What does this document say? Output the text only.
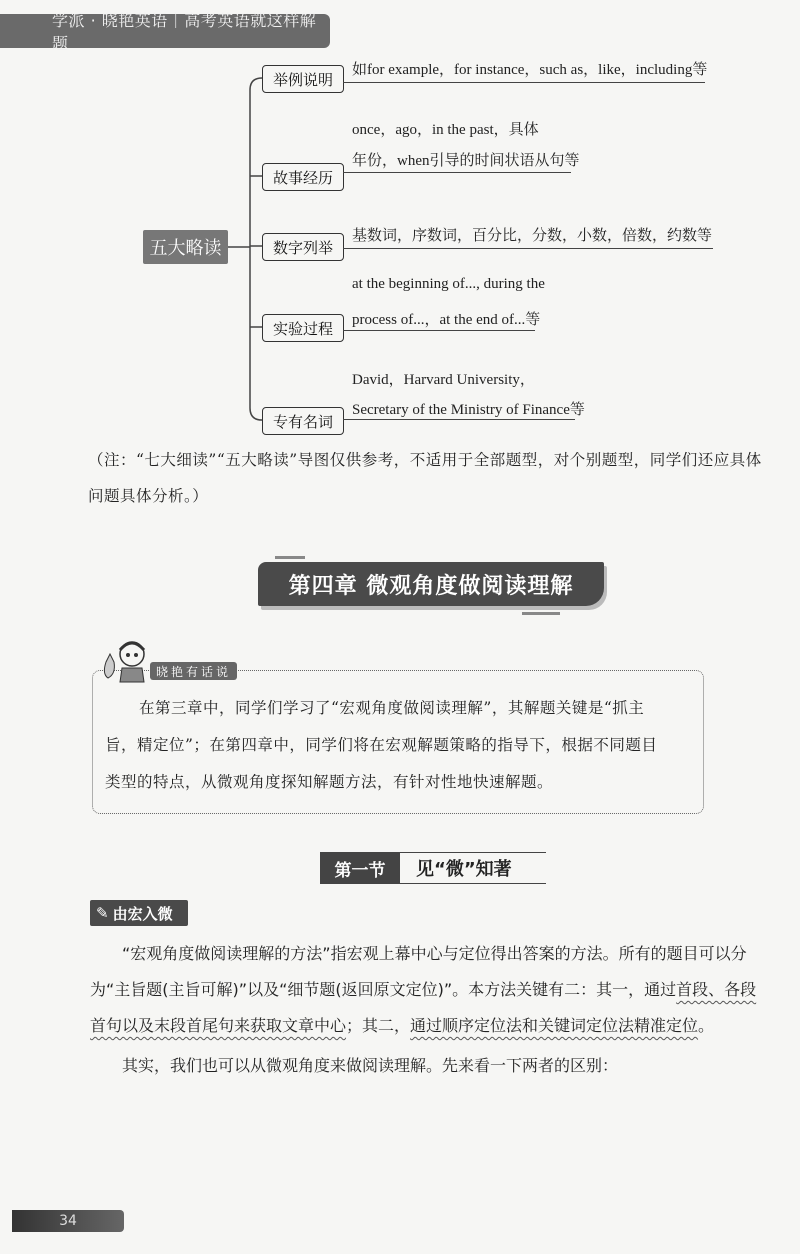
学派 · 晓艳英语｜高考英语就这样解题
五大略读
举例说明
如for example，for instance，such as，like，including等
once，ago，in the past，具体
故事经历
年份，when引导的时间状语从句等
数字列举
基数词，序数词，百分比，分数，小数，倍数，约数等
at the beginning of..., during the
实验过程	process of...，at the end of...等
David，Harvard University，
专有名词
Secretary of the Ministry of Finance等
（注：“七大细读”“五大略读”导图仅供参考，不适用于全部题型，对个别题型，同学们还应具体
问题具体分析。）
第四章 微观角度做阅读理解
晓艳有话说
在第三章中，同学们学习了“宏观角度做阅读理解”，其解题关键是“抓主旨，精定位”；在第四章中，同学们将在宏观解题策略的指导下，根据不同题目类型的特点，从微观角度探知解题方法，有针对性地快速解题。
第一节	见“微”知著
✎ 由宏入微

“宏观角度做阅读理解的方法”指宏观上幕中心与定位得出答案的方法。所有的题目可以分为“主旨题(主旨可解)”以及“细节题(返回原文定位)”。本方法关键有二：其一，通过首段、各段首句以及末段首尾句来获取文章中心；其二，通过顺序定位法和关键词定位法精准定位。

其实，我们也可以从微观角度来做阅读理解。先来看一下两者的区别：
34
